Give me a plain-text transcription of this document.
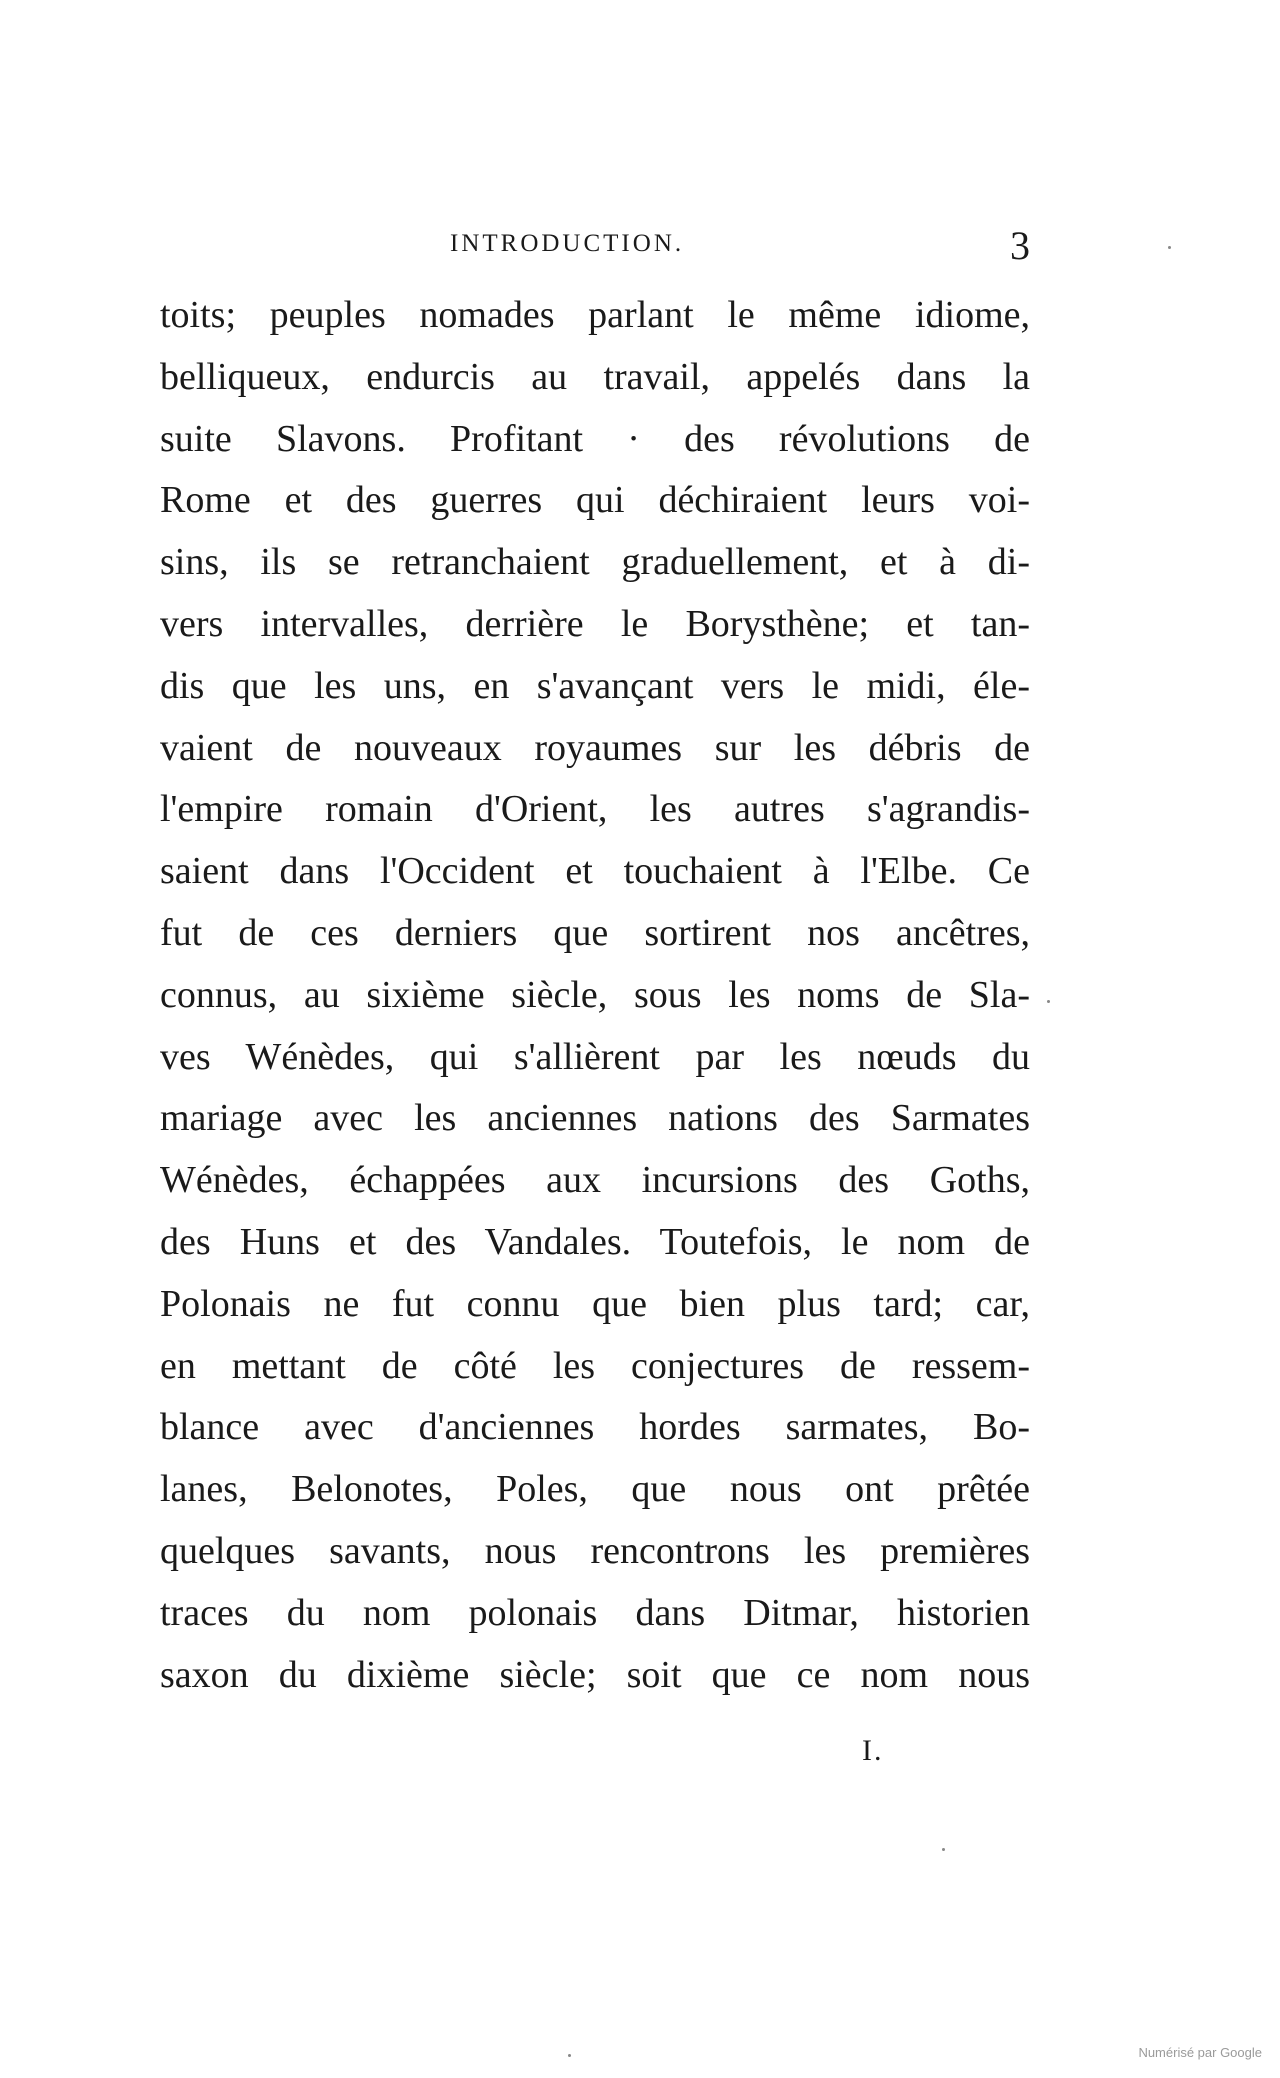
INTRODUCTION.	3
toits; peuples nomades parlant le même idiome,
belliqueux, endurcis au travail, appelés dans la
suite Slavons. Profitant · des révolutions de
Rome et des guerres qui déchiraient leurs voi-
sins, ils se retranchaient graduellement, et à di-
vers intervalles, derrière le Borysthène; et tan-
dis que les uns, en s'avançant vers le midi, éle-
vaient de nouveaux royaumes sur les débris de
l'empire romain d'Orient, les autres s'agrandis-
saient dans l'Occident et touchaient à l'Elbe. Ce
fut de ces derniers que sortirent nos ancêtres,
connus, au sixième siècle, sous les noms de Sla-
ves Wénèdes, qui s'allièrent par les nœuds du
mariage avec les anciennes nations des Sarmates
Wénèdes, échappées aux incursions des Goths,
des Huns et des Vandales. Toutefois, le nom de
Polonais ne fut connu que bien plus tard; car,
en mettant de côté les conjectures de ressem-
blance avec d'anciennes hordes sarmates, Bo-
lanes, Belonotes, Poles, que nous ont prêtée
quelques savants, nous rencontrons les premières
traces du nom polonais dans Ditmar, historien
saxon du dixième siècle; soit que ce nom nous
I.
Numérisé par Google
